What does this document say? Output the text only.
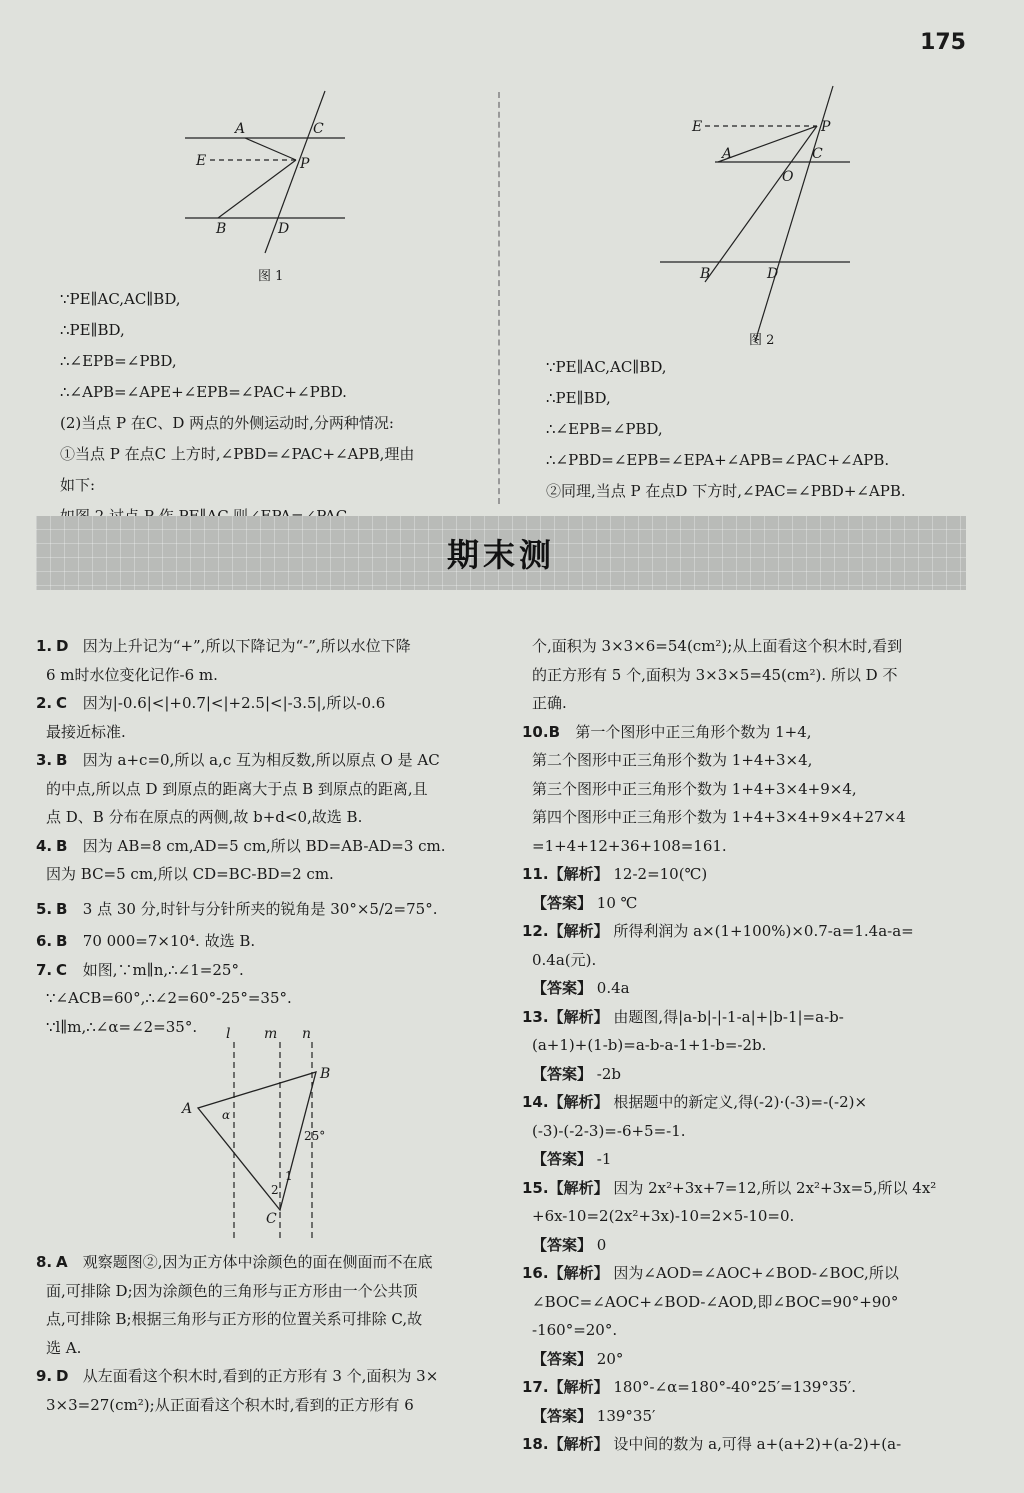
175
A	C
E	P
B	D
图 1
E	P
A	C
O
B	D
图 2
∵PE∥AC,AC∥BD,
∴PE∥BD,
∴∠EPB=∠PBD,
∴∠APB=∠APE+∠EPB=∠PAC+∠PBD.
(2)当点 P 在C、D 两点的外侧运动时,分两种情况:
①当点 P 在点C 上方时,∠PBD=∠PAC+∠APB,理由
如下:
∵PE∥AC,AC∥BD,
∴PE∥BD,
∴∠EPB=∠PBD,
∴∠PBD=∠EPB=∠EPA+∠APB=∠PAC+∠APB.
②同理,当点 P 在点D 下方时,∠PAC=∠PBD+∠APB.
期末测
1. D 因为上升记为“+”,所以下降记为“-”,所以水位下降
6 m时水位变化记作-6 m.
2. C 因为|-0.6|<|+0.7|<|+2.5|<|-3.5|,所以-0.6
最接近标准.
3. B 因为 a+c=0,所以 a,c 互为相反数,所以原点 O 是 AC
的中点,所以点 D 到原点的距离大于点 B 到原点的距离,且
点 D、B 分布在原点的两侧,故 b+d<0,故选 B.
4. B 因为 AB=8 cm,AD=5 cm,所以 BD=AB-AD=3 cm.
因为 BC=5 cm,所以 CD=BC-BD=2 cm.
5. B 3 点 30 分,时针与分针所夹的锐角是 30°×5/2=75°.
6. B 70 000=7×10⁴. 故选 B.
7. C 如图,∵m∥n,∴∠1=25°.
∵∠ACB=60°,∴∠2=60°-25°=35°.
∵l∥m,∴∠α=∠2=35°.	l m n
A
B
C
α
25°
1
2
8. A 观察题图②,因为正方体中涂颜色的面在侧面而不在底
面,可排除 D;因为涂颜色的三角形与正方形由一个公共顶
点,可排除 B;根据三角形与正方形的位置关系可排除 C,故
选 A.
9. D 从左面看这个积木时,看到的正方形有 3 个,面积为 3×
3×3=27(cm²);从正面看这个积木时,看到的正方形有 6
个,面积为 3×3×6=54(cm²);从上面看这个积木时,看到
的正方形有 5 个,面积为 3×3×5=45(cm²). 所以 D 不
正确.
10.B 第一个图形中正三角形个数为 1+4,
第二个图形中正三角形个数为 1+4+3×4,
第三个图形中正三角形个数为 1+4+3×4+9×4,
第四个图形中正三角形个数为 1+4+3×4+9×4+27×4
=1+4+12+36+108=161.
11.【解析】 12-2=10(℃)
【答案】 10 ℃
12.【解析】 所得利润为 a×(1+100%)×0.7-a=1.4a-a=
0.4a(元).
【答案】 0.4a
13.【解析】 由题图,得|a-b|-|-1-a|+|b-1|=a-b-
(a+1)+(1-b)=a-b-a-1+1-b=-2b.
【答案】 -2b
14.【解析】 根据题中的新定义,得(-2)·(-3)=-(-2)×
(-3)-(-2-3)=-6+5=-1.
【答案】 -1
15.【解析】 因为 2x²+3x+7=12,所以 2x²+3x=5,所以 4x²
+6x-10=2(2x²+3x)-10=2×5-10=0.
【答案】 0
16.【解析】 因为∠AOD=∠AOC+∠BOD-∠BOC,所以
∠BOC=∠AOC+∠BOD-∠AOD,即∠BOC=90°+90°
-160°=20°.
【答案】 20°
17.【解析】 180°-∠α=180°-40°25′=139°35′.
【答案】 139°35′
18.【解析】 设中间的数为 a,可得 a+(a+2)+(a-2)+(a-
